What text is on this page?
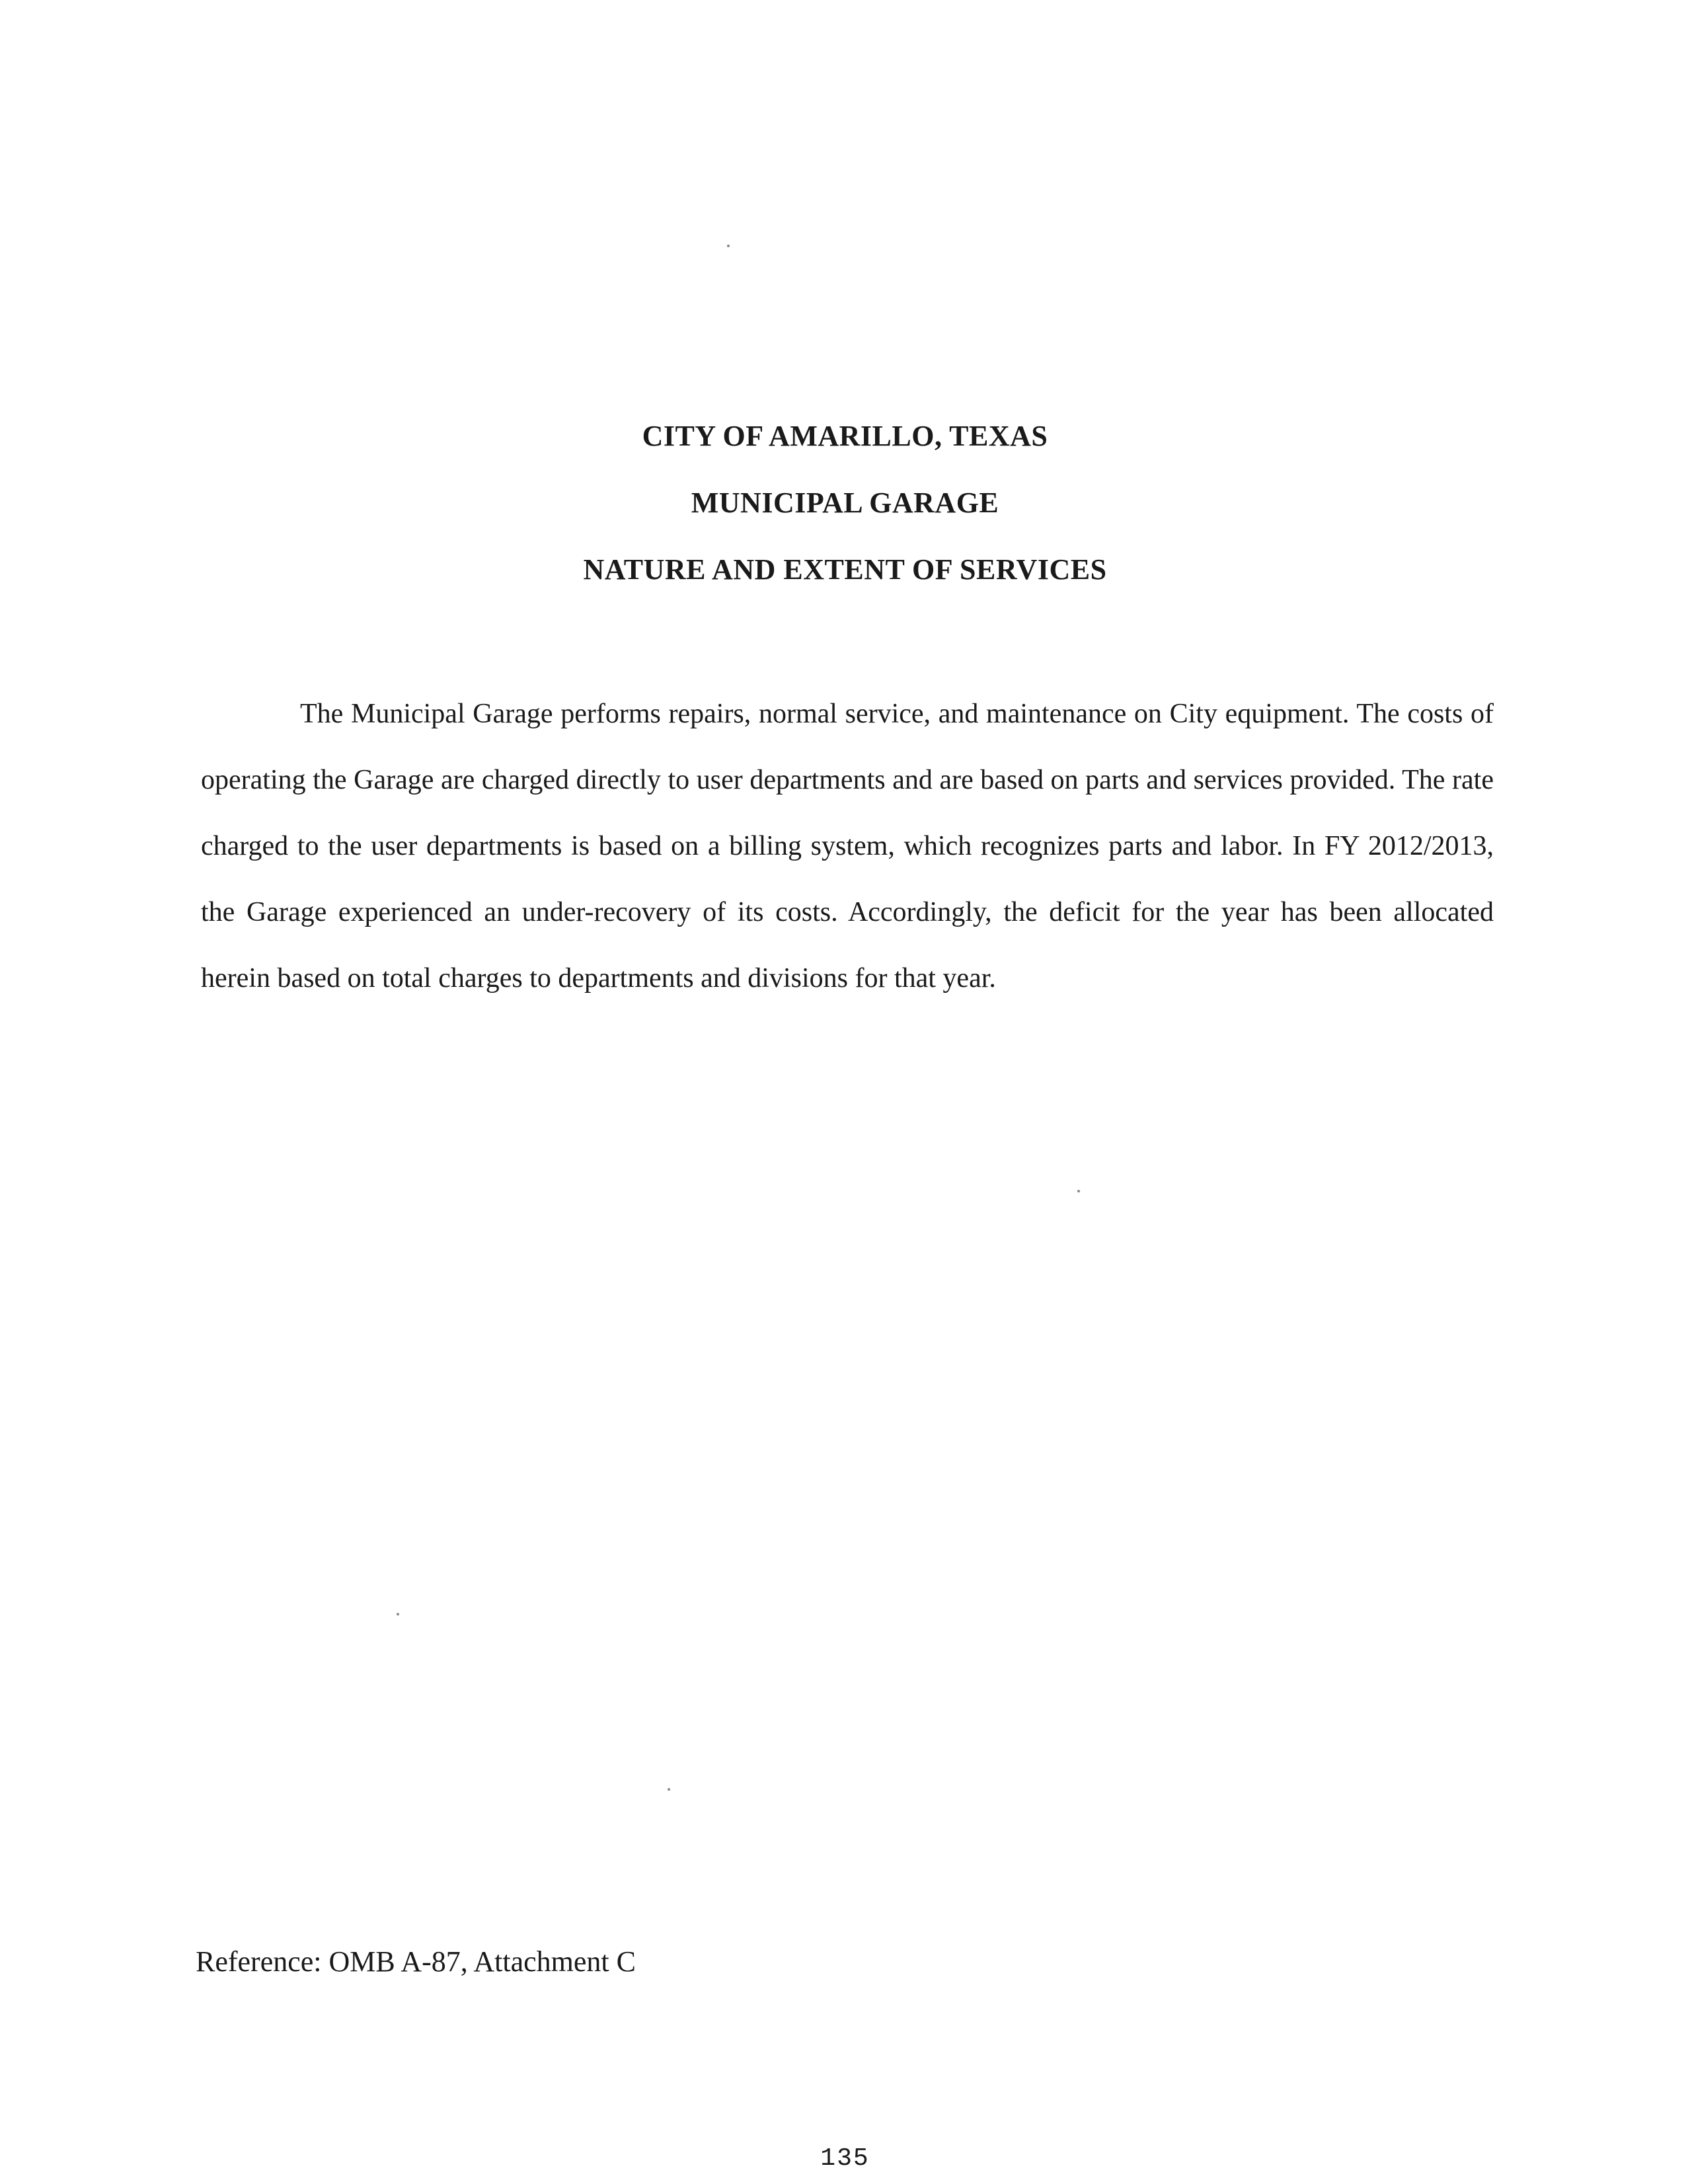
CITY OF AMARILLO, TEXAS
MUNICIPAL GARAGE
NATURE AND EXTENT OF SERVICES

The Municipal Garage performs repairs, normal service, and maintenance on City equipment. The costs of operating the Garage are charged directly to user departments and are based on parts and services provided. The rate charged to the user departments is based on a billing system, which recognizes parts and labor. In FY 2012/2013, the Garage experienced an under-recovery of its costs. Accordingly, the deficit for the year has been allocated herein based on total charges to departments and divisions for that year.

Reference: OMB A-87, Attachment C
135
